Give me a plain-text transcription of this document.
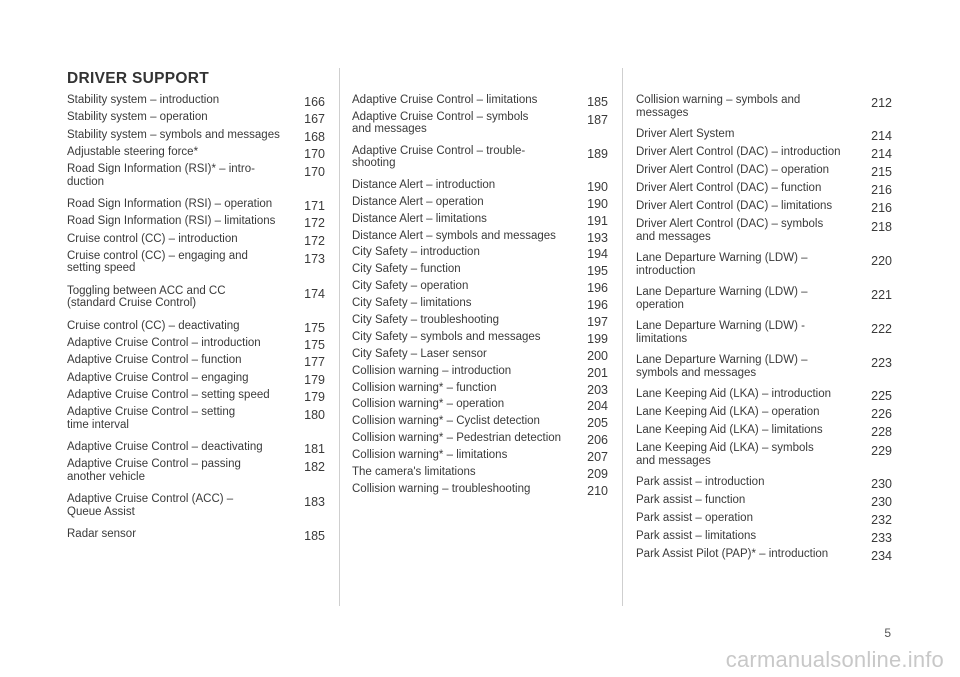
DRIVER SUPPORT
Stability system – introduction	166
Stability system – operation	167
Stability system – symbols and messages	168
Adjustable steering force*	170
Road Sign Information (RSI)* – intro-
duction
170
Road Sign Information (RSI) – operation	171
Road Sign Information (RSI) – limitations	172
Cruise control (CC) – introduction	172
Cruise control (CC) – engaging and
setting speed
173
Toggling between ACC and CC
(standard Cruise Control)
174
Cruise control (CC) – deactivating	175
Adaptive Cruise Control – introduction	175
Adaptive Cruise Control – function	177
Adaptive Cruise Control – engaging	179
Adaptive Cruise Control – setting speed	179
Adaptive Cruise Control – setting
time interval
180
Adaptive Cruise Control – deactivating	181
Adaptive Cruise Control – passing
another vehicle
182
Adaptive Cruise Control (ACC) –
Queue Assist
183
Radar sensor	185
Adaptive Cruise Control – limitations	185
Adaptive Cruise Control – symbols
and messages
187
Adaptive Cruise Control – trouble-
shooting
189
Distance Alert – introduction	190
Distance Alert – operation	190
Distance Alert – limitations	191
Distance Alert – symbols and messages	193
City Safety – introduction	194
City Safety – function	195
City Safety – operation	196
City Safety – limitations	196
City Safety – troubleshooting	197
City Safety – symbols and messages	199
City Safety – Laser sensor	200
Collision warning – introduction	201
Collision warning* – function	203
Collision warning* – operation	204
Collision warning* – Cyclist detection	205
Collision warning* – Pedestrian detection	206
Collision warning* – limitations	207
The camera's limitations	209
Collision warning – troubleshooting	210
Collision warning – symbols and
messages
212
Driver Alert System	214
Driver Alert Control (DAC) – introduction	214
Driver Alert Control (DAC) – operation	215
Driver Alert Control (DAC) – function	216
Driver Alert Control (DAC) – limitations	216
Driver Alert Control (DAC) – symbols
and messages
218
Lane Departure Warning (LDW) –
introduction
220
Lane Departure Warning (LDW) –
operation
221
Lane Departure Warning (LDW) -
limitations
222
Lane Departure Warning (LDW) –
symbols and messages
223
Lane Keeping Aid (LKA) – introduction	225
Lane Keeping Aid (LKA) – operation	226
Lane Keeping Aid (LKA) – limitations	228
Lane Keeping Aid (LKA) – symbols
and messages
229
Park assist – introduction	230
Park assist – function	230
Park assist – operation	232
Park assist – limitations	233
Park Assist Pilot (PAP)* – introduction	234
5
carmanualsonline.info
